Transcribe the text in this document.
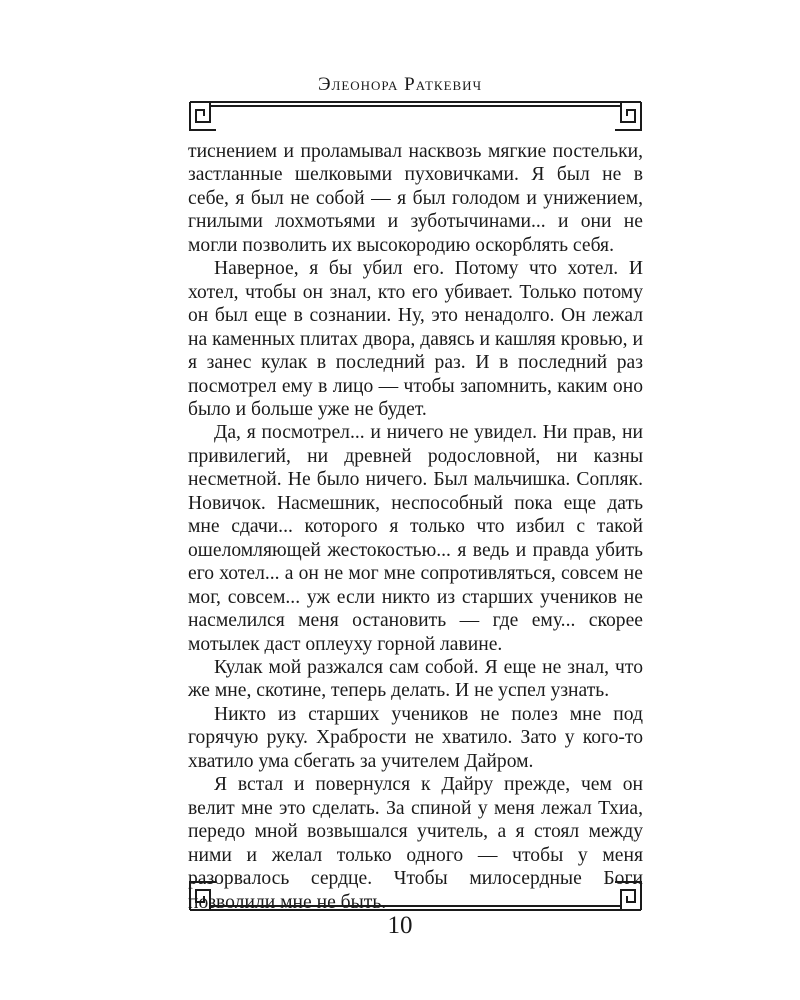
Элеонора Раткевич

тиснением и проламывал насквозь мягкие постельки, застланные шелковыми пуховичками. Я был не в себе, я был не собой — я был голодом и унижением, гнилыми лохмотьями и зуботычинами... и они не могли позволить их высокородию оскорблять себя.

Наверное, я бы убил его. Потому что хотел. И хотел, чтобы он знал, кто его убивает. Только потому он был еще в сознании. Ну, это ненадолго. Он лежал на каменных плитах двора, давясь и кашляя кровью, и я занес кулак в последний раз. И в последний раз посмотрел ему в лицо — чтобы запомнить, каким оно было и больше уже не будет.

Да, я посмотрел... и ничего не увидел. Ни прав, ни привилегий, ни древней родословной, ни казны несметной. Не было ничего. Был мальчишка. Сопляк. Новичок. Насмешник, неспособный пока еще дать мне сдачи... которого я только что избил с такой ошеломляющей жестокостью... я ведь и правда убить его хотел... а он не мог мне сопротивляться, совсем не мог, совсем... уж если никто из старших учеников не насмелился меня остановить — где ему... скорее мотылек даст оплеуху горной лавине.

Кулак мой разжался сам собой. Я еще не знал, что же мне, скотине, теперь делать. И не успел узнать.

Никто из старших учеников не полез мне под горячую руку. Храбрости не хватило. Зато у кого-то хватило ума сбегать за учителем Дайром.

Я встал и повернулся к Дайру прежде, чем он велит мне это сделать. За спиной у меня лежал Тхиа, передо мной возвышался учитель, а я стоял между ними и желал только одного — чтобы у меня разорвалось сердце. Чтобы милосердные Боги позволили мне не быть.

10
